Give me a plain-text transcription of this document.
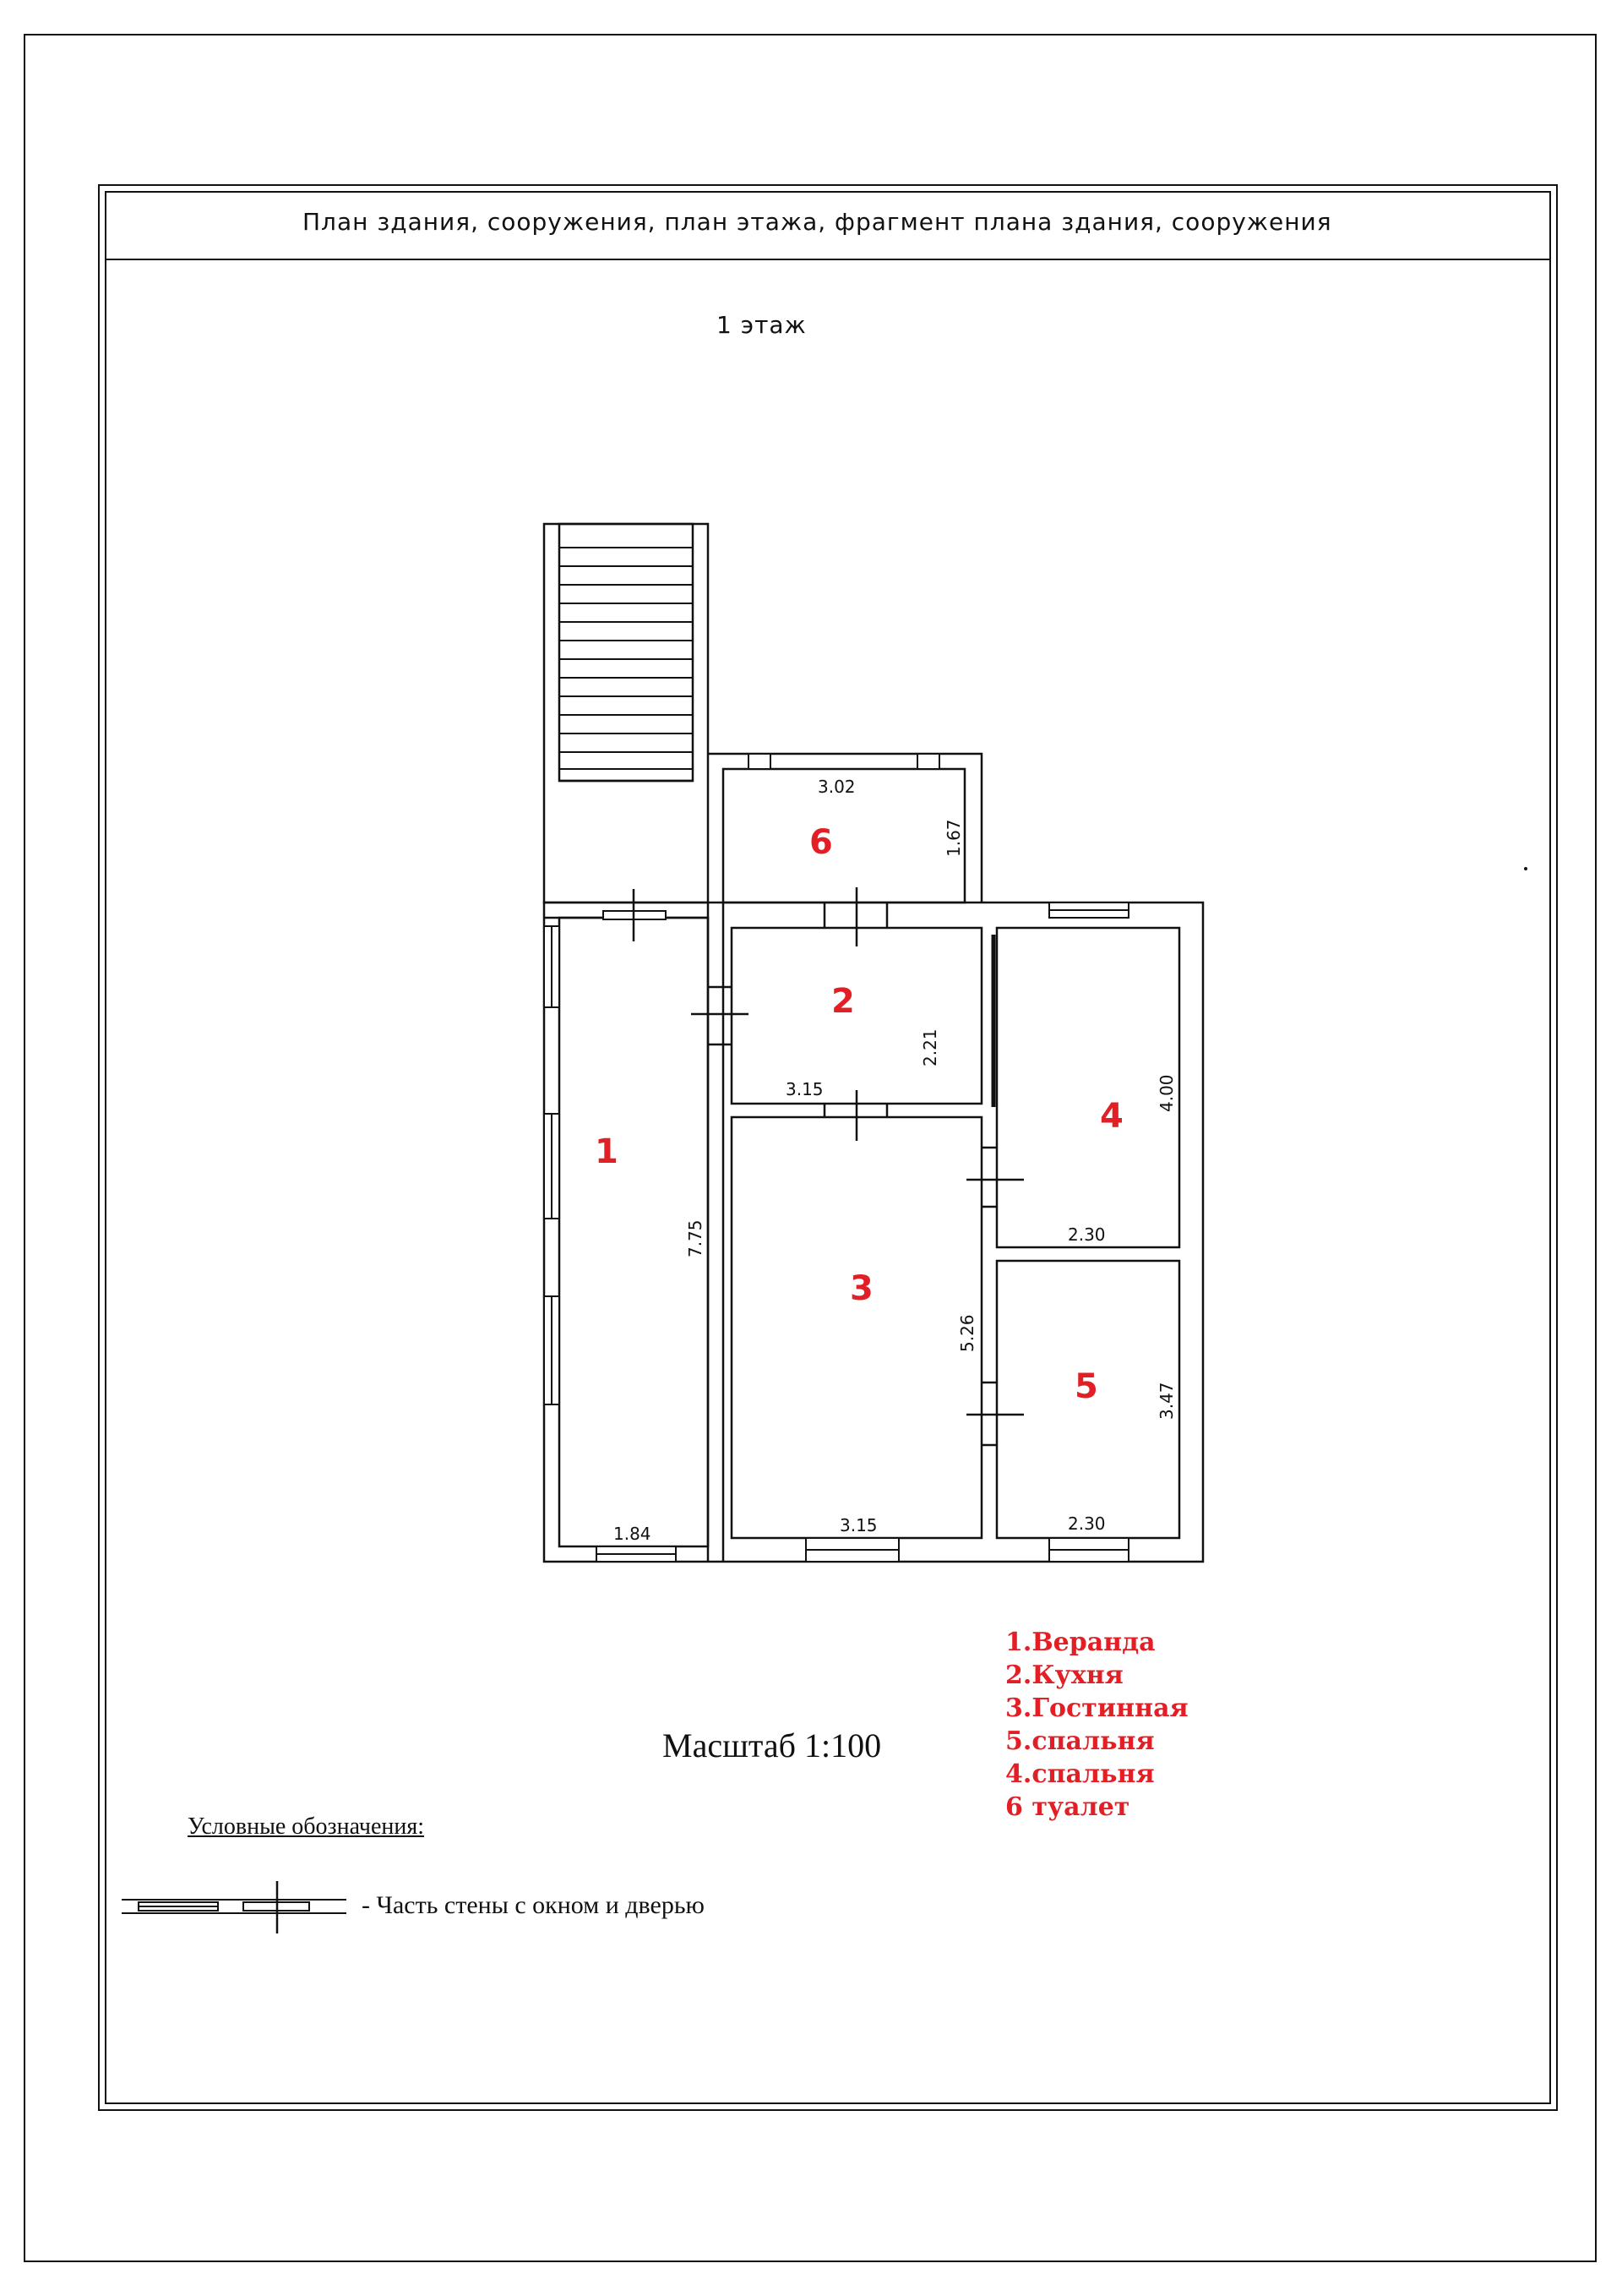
План здания, сооружения, план этажа, фрагмент плана здания, сооружения
1 этаж
3.02
1.67
3.15
2.21
7.75
1.84	3.15
5.26
4.00
2.30
3.47
2.30
6
2
1
3
4
5
Масштаб 1:100
Условные обозначения:
- Часть стены с окном и дверью
1.Веранда
2.Кухня
3.Гостинная
5.спальня
4.спальня
6 туалет
